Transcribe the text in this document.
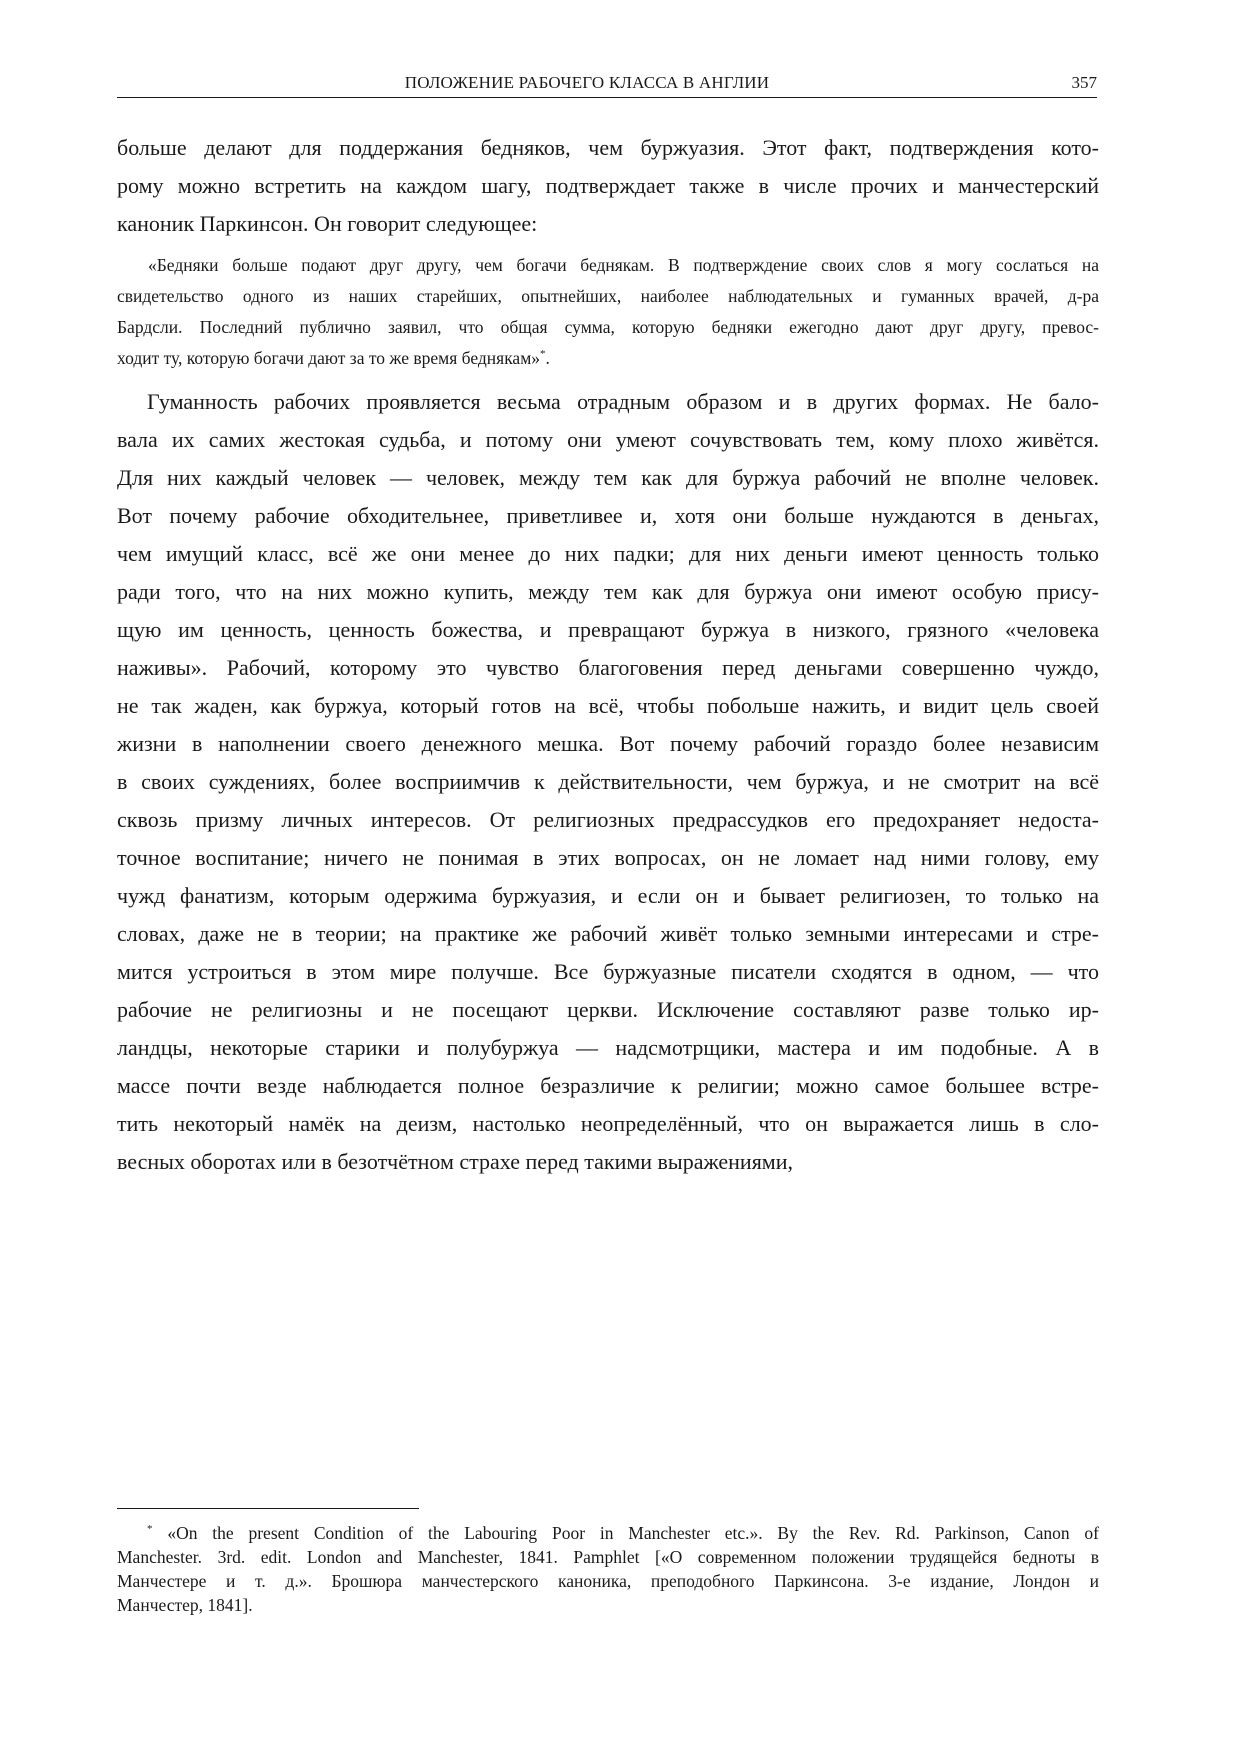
ПОЛОЖЕНИЕ РАБОЧЕГО КЛАССА В АНГЛИИ	357

больше делают для поддержания бедняков, чем буржуазия. Этот факт, подтверждения кото-

рому можно встретить на каждом шагу, подтверждает также в числе прочих и манчестерский

каноник Паркинсон. Он говорит следующее:

«Бедняки больше подают друг другу, чем богачи беднякам. В подтверждение своих слов я могу сослаться на

свидетельство одного из наших старейших, опытнейших, наиболее наблюдательных и гуманных врачей, д-ра

Бардсли. Последний публично заявил, что общая сумма, которую бедняки ежегодно дают друг другу, превос-

ходит ту, которую богачи дают за то же время беднякам»*.

Гуманность рабочих проявляется весьма отрадным образом и в других формах. Не бало-

вала их самих жестокая судьба, и потому они умеют сочувствовать тем, кому плохо живётся.

Для них каждый человек — человек, между тем как для буржуа рабочий не вполне человек.

Вот почему рабочие обходительнее, приветливее и, хотя они больше нуждаются в деньгах,

чем имущий класс, всё же они менее до них падки; для них деньги имеют ценность только

ради того, что на них можно купить, между тем как для буржуа они имеют особую прису-

щую им ценность, ценность божества, и превращают буржуа в низкого, грязного «человека

наживы». Рабочий, которому это чувство благоговения перед деньгами совершенно чуждо,

не так жаден, как буржуа, который готов на всё, чтобы побольше нажить, и видит цель своей

жизни в наполнении своего денежного мешка. Вот почему рабочий гораздо более независим

в своих суждениях, более восприимчив к действительности, чем буржуа, и не смотрит на всё

сквозь призму личных интересов. От религиозных предрассудков его предохраняет недоста-

точное воспитание; ничего не понимая в этих вопросах, он не ломает над ними голову, ему

чужд фанатизм, которым одержима буржуазия, и если он и бывает религиозен, то только на

словах, даже не в теории; на практике же рабочий живёт только земными интересами и стре-

мится устроиться в этом мире получше. Все буржуазные писатели сходятся в одном, — что

рабочие не религиозны и не посещают церкви. Исключение составляют разве только ир-

ландцы, некоторые старики и полубуржуа — надсмотрщики, мастера и им подобные. А в

массе почти везде наблюдается полное безразличие к религии; можно самое большее встре-

тить некоторый намёк на деизм, настолько неопределённый, что он выражается лишь в сло-

весных оборотах или в безотчётном страхе перед такими выражениями,

* «On the present Condition of the Labouring Poor in Manchester etc.». By the Rev. Rd. Parkinson, Canon of

Manchester. 3rd. edit. London and Manchester, 1841. Pamphlet [«О современном положении трудящейся бедноты в

Манчестере и т. д.». Брошюра манчестерского каноника, преподобного Паркинсона. 3-е издание, Лондон и

Манчестер, 1841].
